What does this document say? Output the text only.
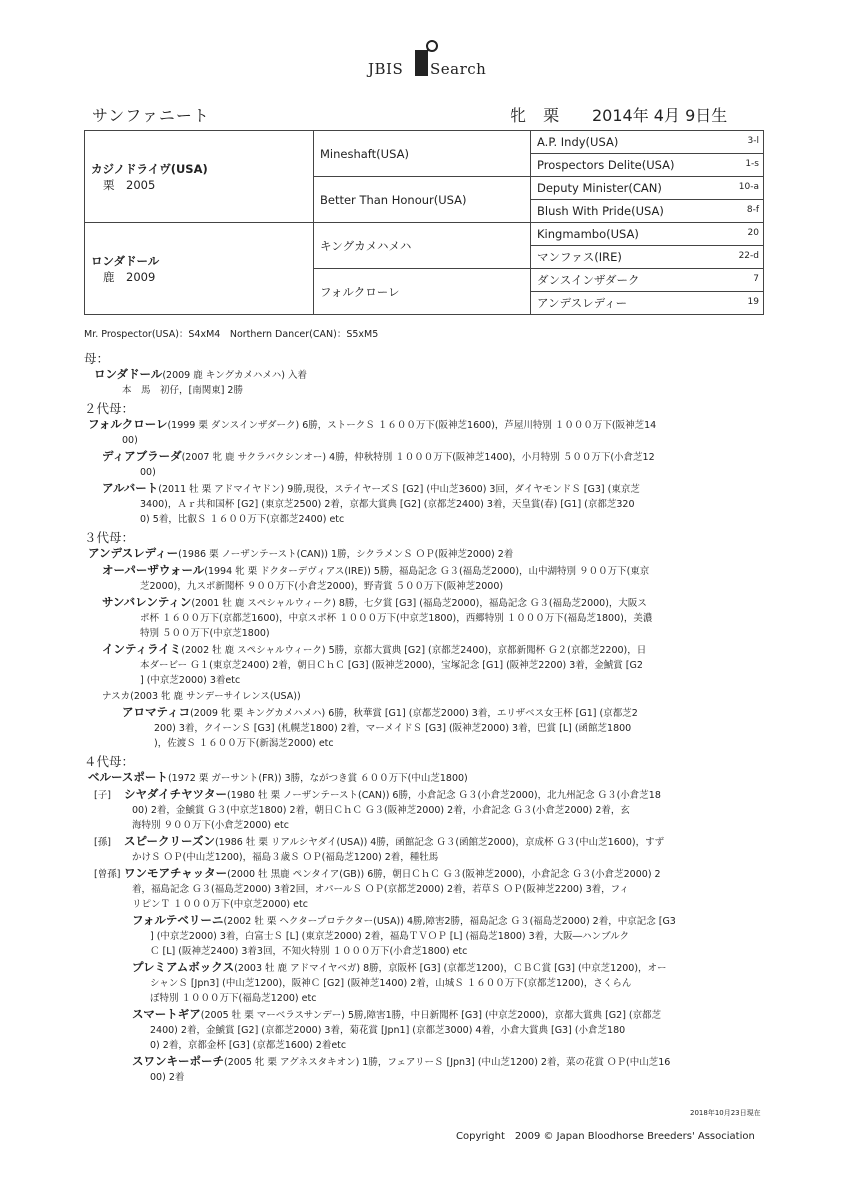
JBIS Search
サンファニート	牝 栗 2014年 4月 9日生
カジノドライヴ(USA)
栗　2005	Mineshaft(USA)	A.P. Indy(USA) 3-l

		Prospectors Delite(USA) 1-s

	Better Than Honour(USA)	Deputy Minister(CAN) 10-a

		Blush With Pride(USA) 8-f

ロンダドール
鹿　2009	キングカメハメハ	Kingmambo(USA) 20

		マンファス(IRE) 22-d

	フォルクローレ	ダンスインザダーク 7

		アンデスレディー 19
Mr. Prospector(USA)：S4xM4　Northern Dancer(CAN)：S5xM5
母：
ロンダドール(2009 鹿 キングカメハメハ) 入着
本　馬　初仔，[南関東] 2勝
２代母：
フォルクローレ(1999 栗 ダンスインザダーク) 6勝，ストークＳ １６００万下(阪神芝1600)，芦屋川特別 １０００万下(阪神芝14
00)
ディアブラーダ(2007 牝 鹿 サクラバクシンオー) 4勝，仲秋特別 １０００万下(阪神芝1400)，小月特別 ５００万下(小倉芝12
00)
アルバート(2011 牡 栗 アドマイヤドン) 9勝,現役，ステイヤーズＳ [G2] (中山芝3600) 3回，ダイヤモンドＳ [G3] (東京芝
3400)，Ａｒ共和国杯 [G2] (東京芝2500) 2着，京都大賞典 [G2] (京都芝2400) 3着，天皇賞(春) [G1] (京都芝320
0) 5着，比叡Ｓ １６００万下(京都芝2400) etc
３代母：
アンデスレディー(1986 栗 ノーザンテースト(CAN)) 1勝，シクラメンＳ ＯＰ(阪神芝2000) 2着
オーパーザウォール(1994 牝 栗 ドクターデヴィアス(IRE)) 5勝，福島記念 Ｇ３(福島芝2000)，山中湖特別 ９００万下(東京
芝2000)，九スポ新聞杯 ９００万下(小倉芝2000)，野青賞 ５００万下(阪神芝2000)
サンバレンティン(2001 牡 鹿 スペシャルウィーク) 8勝，七夕賞 [G3] (福島芝2000)，福島記念 Ｇ３(福島芝2000)，大阪ス
ポ杯 １６００万下(京都芝1600)，中京スポ杯 １０００万下(中京芝1800)，西郷特別 １０００万下(福島芝1800)，美濃
特別 ５００万下(中京芝1800)
インティライミ(2002 牡 鹿 スペシャルウィーク) 5勝，京都大賞典 [G2] (京都芝2400)，京都新聞杯 Ｇ２(京都芝2200)，日
本ダービー Ｇ１(東京芝2400) 2着，朝日ＣｈＣ [G3] (阪神芝2000)，宝塚記念 [G1] (阪神芝2200) 3着，金鯱賞 [G2
] (中京芝2000) 3着etc
ナスカ(2003 牝 鹿 サンデーサイレンス(USA))
アロマティコ(2009 牝 栗 キングカメハメハ) 6勝，秋華賞 [G1] (京都芝2000) 3着，エリザベス女王杯 [G1] (京都芝2
200) 3着，クイーンＳ [G3] (札幌芝1800) 2着，マーメイドＳ [G3] (阪神芝2000) 3着，巴賞 [L] (函館芝1800
)，佐渡Ｓ １６００万下(新潟芝2000) etc
４代母：
ベルースポート(1972 栗 ガーサント(FR)) 3勝，ながつき賞 ６００万下(中山芝1800)
[子] シヤダイチヤツター(1980 牡 栗 ノーザンテースト(CAN)) 6勝，小倉記念 Ｇ３(小倉芝2000)，北九州記念 Ｇ３(小倉芝18
00) 2着，金鯱賞 Ｇ３(中京芝1800) 2着，朝日ＣｈＣ Ｇ３(阪神芝2000) 2着，小倉記念 Ｇ３(小倉芝2000) 2着，玄
海特別 ９００万下(小倉芝2000) etc
[孫] スピークリーズン(1986 牡 栗 リアルシヤダイ(USA)) 4勝，函館記念 Ｇ３(函館芝2000)，京成杯 Ｇ３(中山芝1600)，すず
かけＳ ＯＰ(中山芝1200)，福島３歳Ｓ ＯＰ(福島芝1200) 2着，種牡馬
[曾孫] ワンモアチャッター(2000 牡 黒鹿 ペンタイア(GB)) 6勝，朝日ＣｈＣ Ｇ３(阪神芝2000)，小倉記念 Ｇ３(小倉芝2000) 2
着，福島記念 Ｇ３(福島芝2000) 3着2回，オパールＳ ＯＰ(京都芝2000) 2着，若草Ｓ ＯＰ(阪神芝2200) 3着，フィ
リピンＴ １０００万下(中京芝2000) etc
フォルテベリーニ(2002 牡 栗 ヘクタープロテクター(USA)) 4勝,障害2勝，福島記念 Ｇ３(福島芝2000) 2着，中京記念 [G3
] (中京芝2000) 3着，白富士Ｓ [L] (東京芝2000) 2着，福島ＴＶＯＰ [L] (福島芝1800) 3着，大阪―ハンブルク
Ｃ [L] (阪神芝2400) 3着3回，不知火特別 １０００万下(小倉芝1800) etc
プレミアムボックス(2003 牡 鹿 アドマイヤベガ) 8勝，京阪杯 [G3] (京都芝1200)，ＣＢＣ賞 [G3] (中京芝1200)，オー
シャンＳ [Jpn3] (中山芝1200)，阪神Ｃ [G2] (阪神芝1400) 2着，山城Ｓ １６００万下(京都芝1200)，さくらん
ぼ特別 １０００万下(福島芝1200) etc
スマートギア(2005 牡 栗 マーベラスサンデー) 5勝,障害1勝，中日新聞杯 [G3] (中京芝2000)，京都大賞典 [G2] (京都芝
2400) 2着，金鯱賞 [G2] (京都芝2000) 3着，菊花賞 [Jpn1] (京都芝3000) 4着，小倉大賞典 [G3] (小倉芝180
0) 2着，京都金杯 [G3] (京都芝1600) 2着etc
スワンキーポーチ(2005 牝 栗 アグネスタキオン) 1勝，フェアリーＳ [Jpn3] (中山芝1200) 2着，菜の花賞 ＯＰ(中山芝16
00) 2着
2018年10月23日現在
Copyright　2009 © Japan Bloodhorse Breeders' Association
